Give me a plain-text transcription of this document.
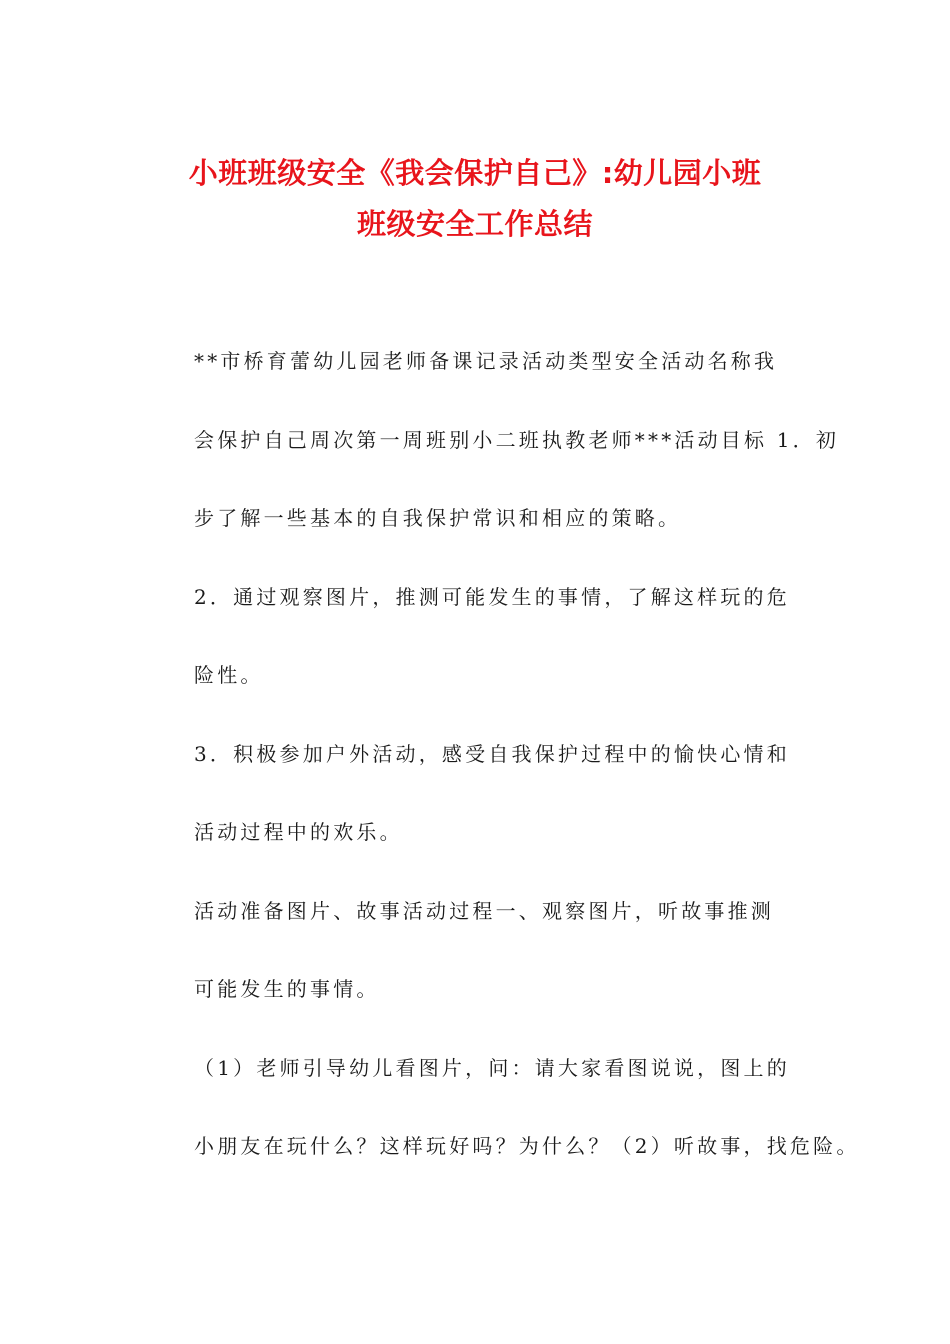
小班班级安全《我会保护自己》:幼儿园小班
班级安全工作总结

**市桥育蕾幼儿园老师备课记录活动类型安全活动名称我
会保护自己周次第一周班别小二班执教老师***活动目标 1．初
步了解一些基本的自我保护常识和相应的策略。

2．通过观察图片，推测可能发生的事情，了解这样玩的危
险性。

3．积极参加户外活动，感受自我保护过程中的愉快心情和
活动过程中的欢乐。

活动准备图片、故事活动过程一、观察图片，听故事推测
可能发生的事情。

（1）老师引导幼儿看图片，问：请大家看图说说，图上的
小朋友在玩什么？这样玩好吗？为什么？（2）听故事，找危险。
